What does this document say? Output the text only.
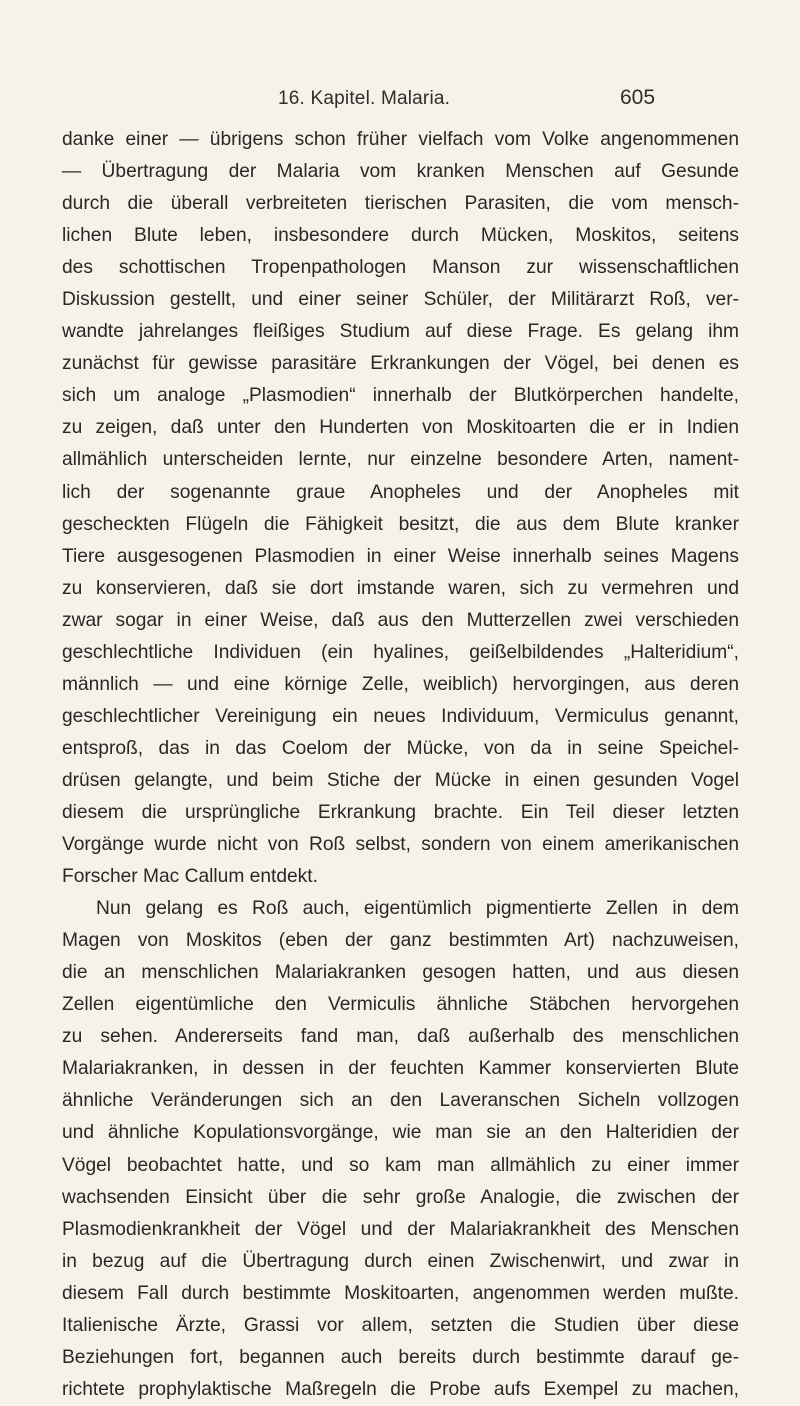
16. Kapitel. Malaria.	605
danke einer — übrigens schon früher vielfach vom Volke angenommenen
— Übertragung der Malaria vom kranken Menschen auf Gesunde
durch die überall verbreiteten tierischen Parasiten, die vom mensch-
lichen Blute leben, insbesondere durch Mücken, Moskitos, seitens
des schottischen Tropenpathologen Manson zur wissenschaftlichen
Diskussion gestellt, und einer seiner Schüler, der Militärarzt Roß, ver-
wandte jahrelanges fleißiges Studium auf diese Frage. Es gelang ihm
zunächst für gewisse parasitäre Erkrankungen der Vögel, bei denen es
sich um analoge „Plasmodien“ innerhalb der Blutkörperchen handelte,
zu zeigen, daß unter den Hunderten von Moskitoarten die er in Indien
allmählich unterscheiden lernte, nur einzelne besondere Arten, nament-
lich der sogenannte graue Anopheles und der Anopheles mit
gescheckten Flügeln die Fähigkeit besitzt, die aus dem Blute kranker
Tiere ausgesogenen Plasmodien in einer Weise innerhalb seines Magens
zu konservieren, daß sie dort imstande waren, sich zu vermehren und
zwar sogar in einer Weise, daß aus den Mutterzellen zwei verschieden
geschlechtliche Individuen (ein hyalines, geißelbildendes „Halteridium“,
männlich — und eine körnige Zelle, weiblich) hervorgingen, aus deren
geschlechtlicher Vereinigung ein neues Individuum, Vermiculus genannt,
entsproß, das in das Coelom der Mücke, von da in seine Speichel-
drüsen gelangte, und beim Stiche der Mücke in einen gesunden Vogel
diesem die ursprüngliche Erkrankung brachte. Ein Teil dieser letzten
Vorgänge wurde nicht von Roß selbst, sondern von einem amerikanischen
Forscher Mac Callum entdekt.
Nun gelang es Roß auch, eigentümlich pigmentierte Zellen in dem
Magen von Moskitos (eben der ganz bestimmten Art) nachzuweisen,
die an menschlichen Malariakranken gesogen hatten, und aus diesen
Zellen eigentümliche den Vermiculis ähnliche Stäbchen hervorgehen
zu sehen. Andererseits fand man, daß außerhalb des menschlichen
Malariakranken, in dessen in der feuchten Kammer konservierten Blute
ähnliche Veränderungen sich an den Laveranschen Sicheln vollzogen
und ähnliche Kopulationsvorgänge, wie man sie an den Halteridien der
Vögel beobachtet hatte, und so kam man allmählich zu einer immer
wachsenden Einsicht über die sehr große Analogie, die zwischen der
Plasmodienkrankheit der Vögel und der Malariakrankheit des Menschen
in bezug auf die Übertragung durch einen Zwischenwirt, und zwar in
diesem Fall durch bestimmte Moskitoarten, angenommen werden mußte.
Italienische Ärzte, Grassi vor allem, setzten die Studien über diese
Beziehungen fort, begannen auch bereits durch bestimmte darauf ge-
richtete prophylaktische Maßregeln die Probe aufs Exempel zu machen,
